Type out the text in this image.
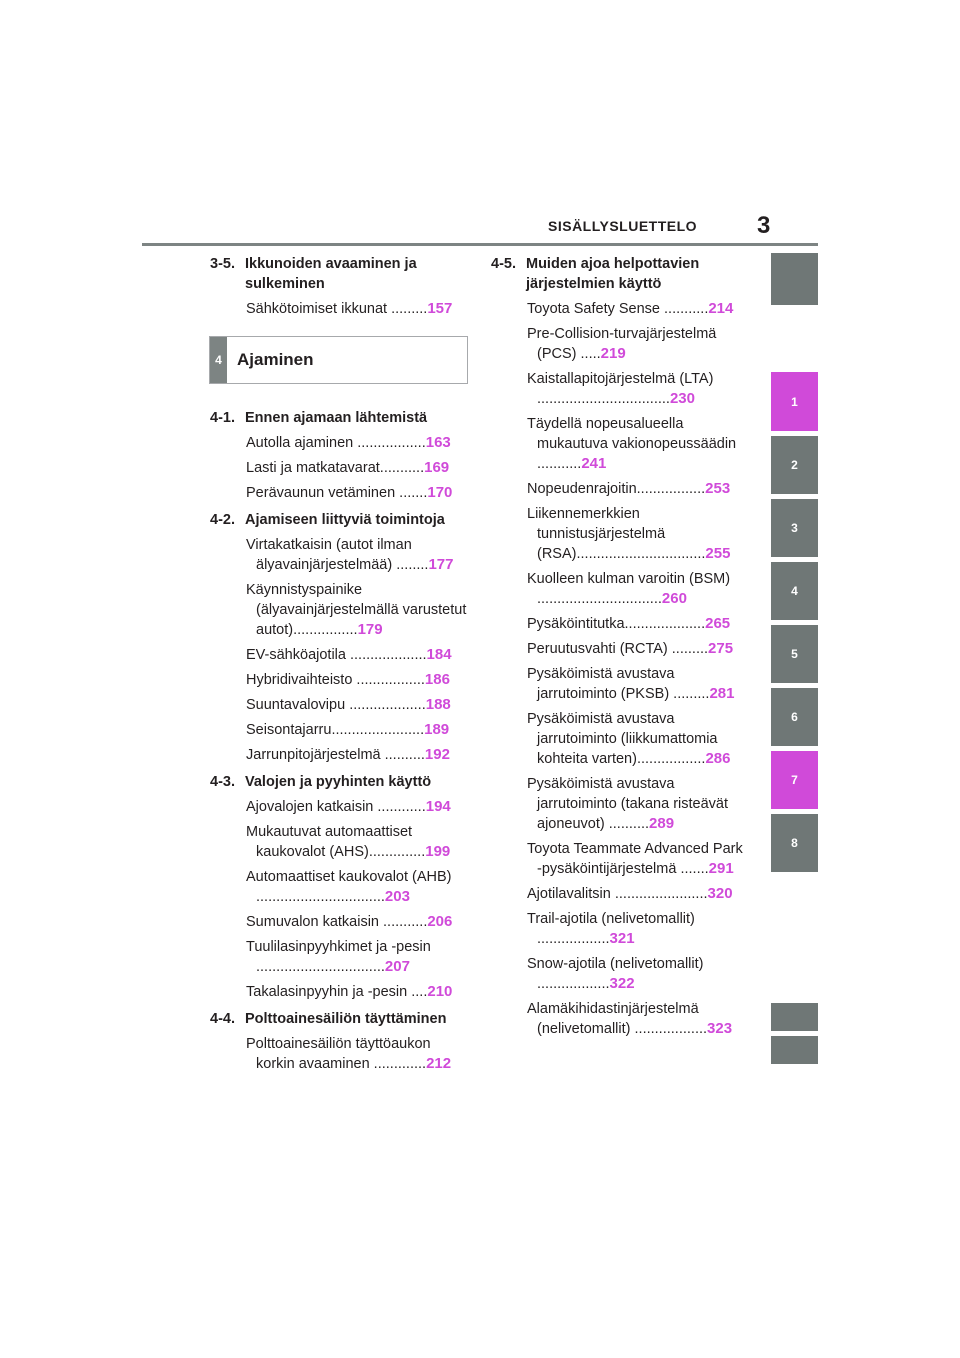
SISÄLLYSLUETTELO 3
1
2
3
4
5
6
7
8
3-5. Ikkunoiden avaaminen ja sulkeminen
Sähkötoimiset ikkunat .........157
4 Ajaminen
4-1. Ennen ajamaan lähtemistä
Autolla ajaminen .................163
Lasti ja matkatavarat...........169
Perävaunun vetäminen .......170
4-2. Ajamiseen liittyviä toimintoja
Virtakatkaisin (autot ilman älyavainjärjestelmää) ........177
Käynnistyspainike (älyavainjärjestelmällä varustetut autot)................179
EV-sähköajotila ...................184
Hybridivaihteisto .................186
Suuntavalovipu ...................188
Seisontajarru.......................189
Jarrunpitojärjestelmä ..........192
4-3. Valojen ja pyyhinten käyttö
Ajovalojen katkaisin ............194
Mukautuvat automaattiset kaukovalot (AHS)..............199
Automaattiset kaukovalot (AHB) ................................203
Sumuvalon katkaisin ...........206
Tuulilasinpyyhkimet ja -pesin ................................207
Takalasinpyyhin ja -pesin ....210
4-4. Polttoainesäiliön täyttäminen
Polttoainesäiliön täyttöaukon korkin avaaminen .............212
4-5. Muiden ajoa helpottavien järjestelmien käyttö
Toyota Safety Sense ...........214
Pre-Collision-turvajärjestelmä (PCS) .....219
Kaistallapitojärjestelmä (LTA) .................................230
Täydellä nopeusalueella mukautuva vakionopeussäädin ...........241
Nopeudenrajoitin.................253
Liikennemerkkien tunnistusjärjestelmä (RSA)................................255
Kuolleen kulman varoitin (BSM) ...............................260
Pysäköintitutka....................265
Peruutusvahti (RCTA) .........275
Pysäköimistä avustava jarrutoiminto (PKSB) .........281
Pysäköimistä avustava jarrutoiminto (liikkumattomia kohteita varten).................286
Pysäköimistä avustava jarrutoiminto (takana risteävät ajoneuvot) ..........289
Toyota Teammate Advanced Park -pysäköintijärjestelmä .......291
Ajotilavalitsin .......................320
Trail-ajotila (nelivetomallit) ..................321
Snow-ajotila (nelivetomallit) ..................322
Alamäkihidastinjärjestelmä (nelivetomallit) ..................323
